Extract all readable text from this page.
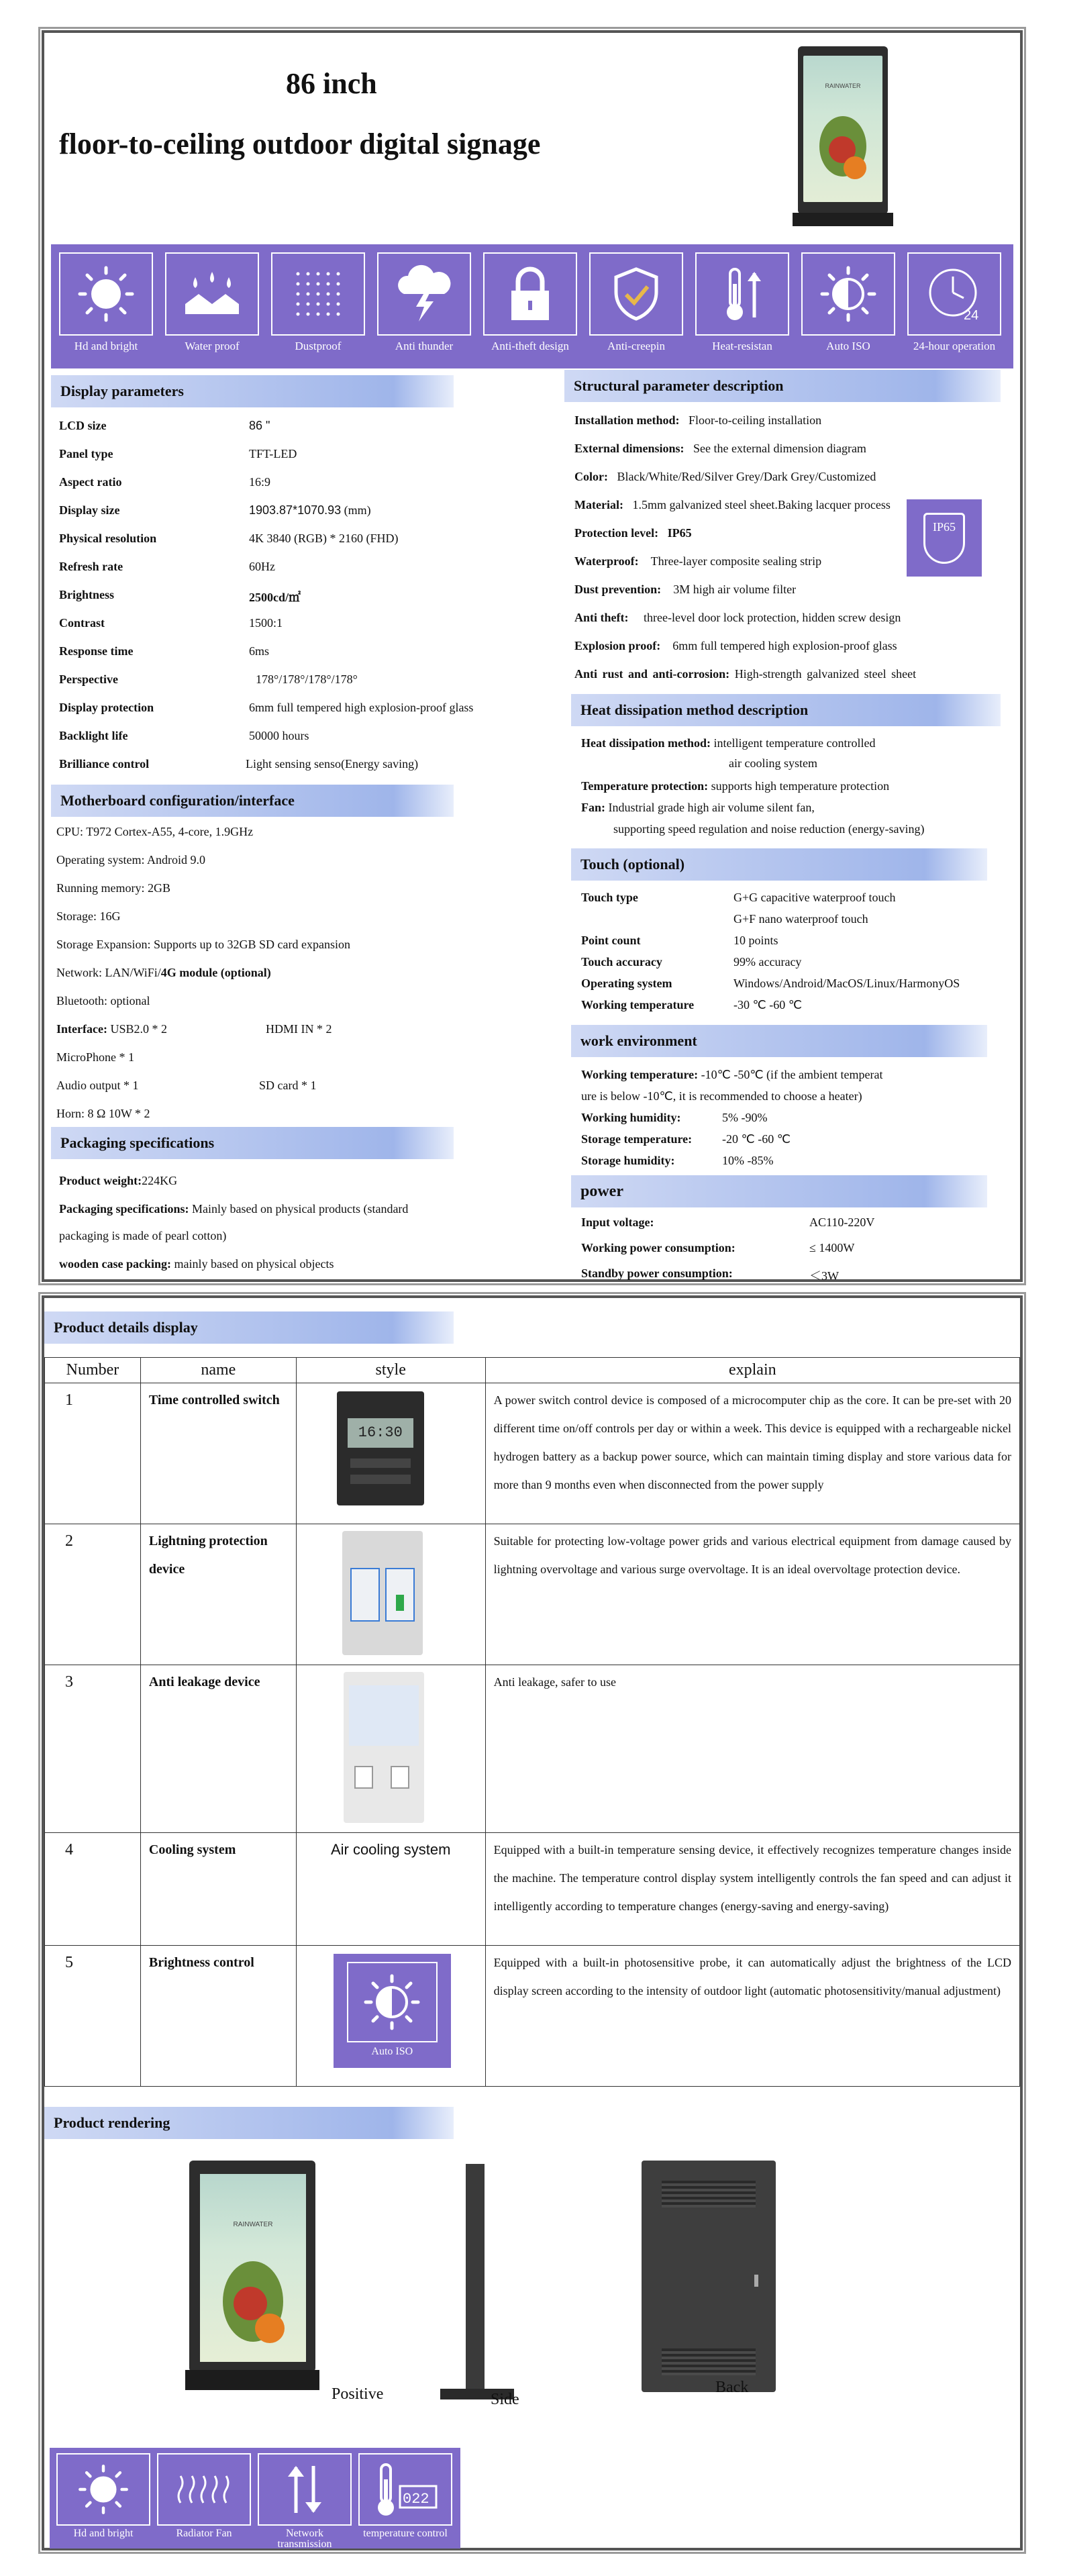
86 inch
floor-to-ceiling outdoor digital signage
RAINWATER
Hd and bright	Water proof	Dustproof	Anti thunder	Anti-theft design	Anti-creepin	Heat-resistan	Auto ISO
24
24-hour operation
Display parameters
LCD size	86 "
Panel type	TFT-LED
Aspect ratio	16:9
Display size	1903.87*1070.93 (mm)
Physical resolution	4K 3840 (RGB) * 2160 (FHD)
Refresh rate	60Hz
Brightness	2500cd/㎡
Contrast	1500:1
Response time	6ms
Perspective	178°/178°/178°/178°
Display protection	6mm full tempered high explosion-proof glass
Backlight life	50000 hours
Brilliance control	Light sensing senso(Energy saving)
Motherboard configuration/interface
CPU: T972 Cortex-A55, 4-core, 1.9GHz
Operating system: Android 9.0
Running memory: 2GB
Storage: 16G
Storage Expansion: Supports up to 32GB SD card expansion
Network: LAN/WiFi/4G module (optional)
Bluetooth: optional
Interface: USB2.0 * 2	HDMI IN * 2
MicroPhone * 1
Audio output * 1	SD card * 1
Horn: 8 Ω 10W * 2
Packaging specifications
Product weight:224KG
Packaging specifications: Mainly based on physical products (standard
packaging is made of pearl cotton)
wooden case packing: mainly based on physical objects
Structural parameter description
Installation method: Floor-to-ceiling installation
External dimensions: See the external dimension diagram
Color: Black/White/Red/Silver Grey/Dark Grey/Customized
Material: 1.5mm galvanized steel sheet.Baking lacquer process
Protection level: IP65
Waterproof: Three-layer composite sealing strip
Dust prevention: 3M high air volume filter
Anti theft: three-level door lock protection, hidden screw design
Explosion proof: 6mm full tempered high explosion-proof glass
Anti rust and anti-corrosion: High-strength galvanized steel sheet
IP65
Heat dissipation method description
Heat dissipation method: intelligent temperature controlled
air cooling system
Temperature protection: supports high temperature protection
Fan: Industrial grade high air volume silent fan,
supporting speed regulation and noise reduction (energy-saving)
Touch (optional)
Touch type	G+G capacitive waterproof touch
G+F nano waterproof touch
Point count	10 points
Touch accuracy	99% accuracy
Operating system	Windows/Android/MacOS/Linux/HarmonyOS
Working temperature	-30 ℃ -60 ℃
work environment
Working temperature: -10℃ -50℃ (if the ambient temperat
ure is below -10℃, it is recommended to choose a heater)
Working humidity:	5% -90%
Storage temperature: -20 ℃ -60 ℃
Storage humidity:	10% -85%
power
Input voltage:	AC110-220V
Working power consumption:	≤ 1400W
Standby power consumption:	＜3W
Product details display
Number	name	style	explain
1	Time controlled switch	16:30	A power switch control device is composed of a microcomputer chip as the core. It can be pre-set with 20 different time on/off controls per day or within a week. This device is equipped with a rechargeable nickel hydrogen battery as a backup power source, which can maintain timing display and store various data for more than 9 months even when disconnected from the power supply
2	Lightning protection device		Suitable for protecting low-voltage power grids and various electrical equipment from damage caused by lightning overvoltage and various surge overvoltage. It is an ideal overvoltage protection device.
3	Anti leakage device		Anti leakage, safer to use
4	Cooling system	Air cooling system	Equipped with a built-in temperature sensing device, it effectively recognizes temperature changes inside the machine. The temperature control display system intelligently controls the fan speed and can adjust it intelligently according to temperature changes (energy-saving and energy-saving)
5	Brightness control	Auto ISO	Equipped with a built-in photosensitive probe, it can automatically adjust the brightness of the LCD display screen according to the intensity of outdoor light (automatic photosensitivity/manual adjustment)
Product rendering
RAINWATER
Positive	Side
Back
Hd and bright	Radiator Fan	Network transmission
022
temperature control
